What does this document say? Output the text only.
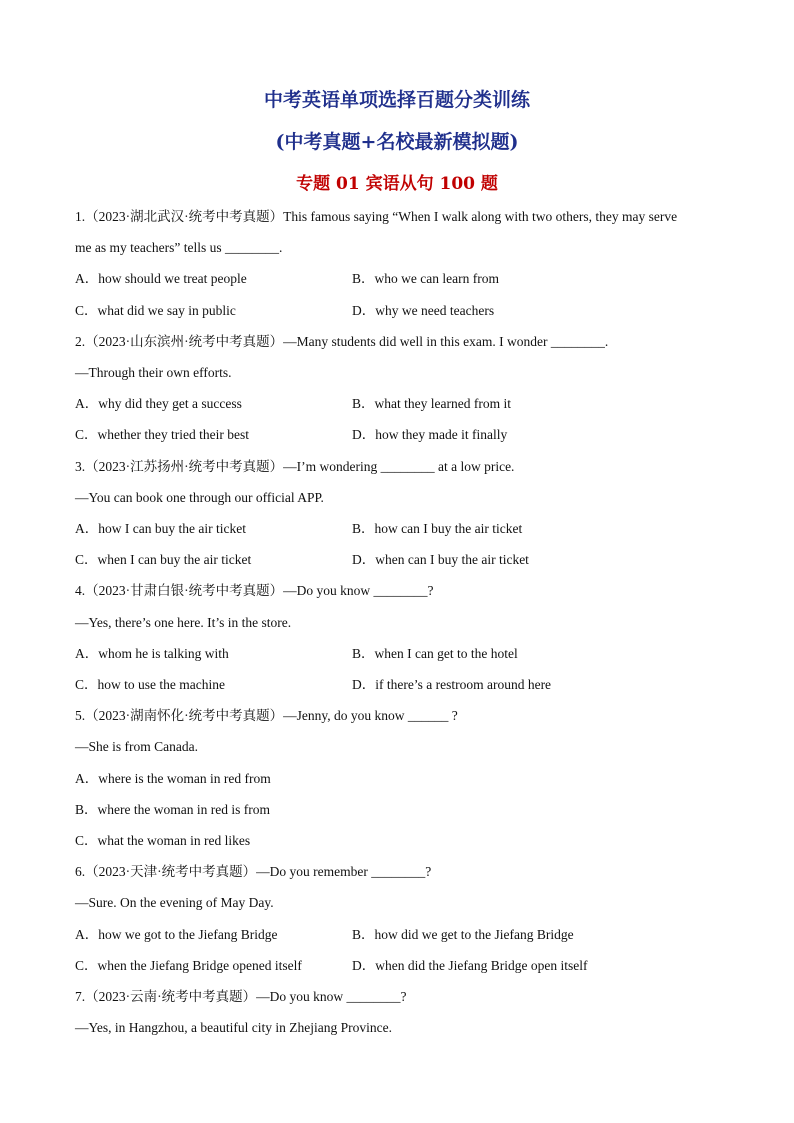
中考英语单项选择百题分类训练
(中考真题+名校最新模拟题)
专题 01 宾语从句 100 题
1.（2023·湖北武汉·统考中考真题）This famous saying “When I walk along with two others, they may serve
me as my teachers” tells us ________.
A．how should we treat people	B．who we can learn from
C．what did we say in public	D．why we need teachers
2.（2023·山东滨州·统考中考真题）—Many students did well in this exam. I wonder ________.
—Through their own efforts.
A．why did they get a success	B．what they learned from it
C．whether they tried their best	D．how they made it finally
3.（2023·江苏扬州·统考中考真题）—I’m wondering ________ at a low price.
—You can book one through our official APP.
A．how I can buy the air ticket	B．how can I buy the air ticket
C．when I can buy the air ticket	D．when can I buy the air ticket
4.（2023·甘肃白银·统考中考真题）—Do you know ________?
—Yes, there’s one here. It’s in the store.
A．whom he is talking with	B．when I can get to the hotel
C．how to use the machine	D．if there’s a restroom around here
5.（2023·湖南怀化·统考中考真题）—Jenny, do you know ______ ?
—She is from Canada.
A．where is the woman in red from
B．where the woman in red is from
C．what the woman in red likes
6.（2023·天津·统考中考真题）—Do you remember ________?
—Sure. On the evening of May Day.
A．how we got to the Jiefang Bridge	B．how did we get to the Jiefang Bridge
C．when the Jiefang Bridge opened itself	D．when did the Jiefang Bridge open itself
7.（2023·云南·统考中考真题）—Do you know ________?
—Yes, in Hangzhou, a beautiful city in Zhejiang Province.
